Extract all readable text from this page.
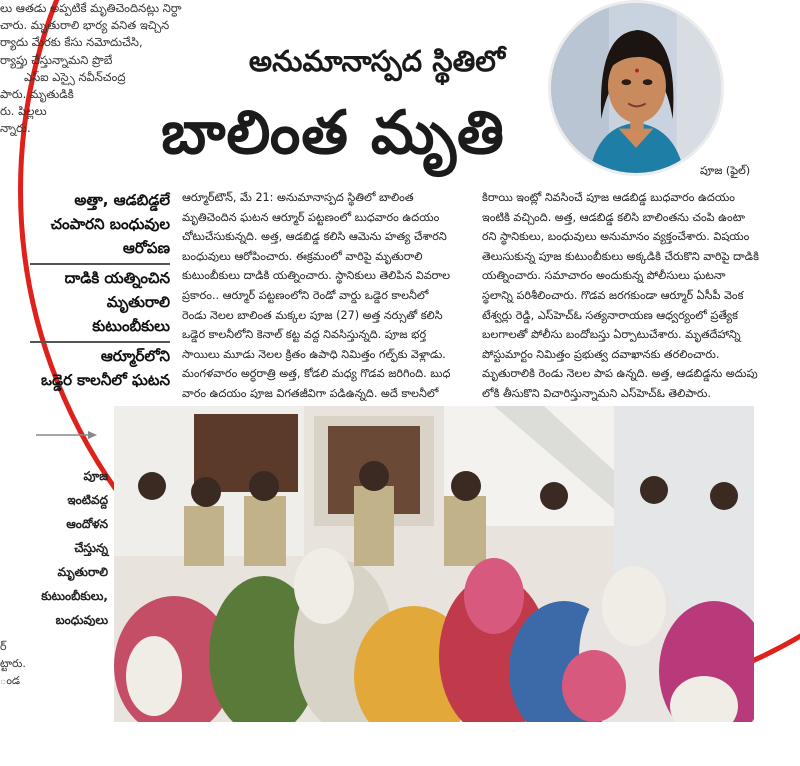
లు ఆతడు అప్పటికే మృతిచెందినట్లు నిర్ధా
చారు. మృతురాలి భార్య వనిత ఇచ్చిన
ర్యాదు మేరకు కేసు నమోదుచేసి,
ర్యాప్తు చేస్తున్నామని ప్రొబే
ఎస్ఐ ఎస్సై నవీన్‌చంద్ర
పారు. మృతుడికి
రు. పిల్లలు
న్నారు.
ర్
ట్టారు.
ండ
అనుమానాస్పద స్థితిలో
బాలింత మృతి
పూజ (ఫైల్)
అత్తా, ఆడబిడ్డలే
చంపారని బంధువుల
ఆరోపణ
దాడికి యత్నించిన
మృతురాలి
కుటుంబీకులు
ఆర్మూర్‌లోని
ఒడ్డెర కాలనీలో ఘటన
ఆర్మూర్‌టౌన్, మే 21: అనుమానాస్పద స్థితిలో బాలింత
మృతిచెందిన ఘటన ఆర్మూర్ పట్టణంలో బుధవారం ఉదయం
చోటుచేసుకున్నది. అత్త, ఆడబిడ్డ కలిసి ఆమెను హత్య చేశారని
బంధువులు ఆరోపించారు. ఈక్రమంలో వారిపై మృతురాలి
కుటుంబీకులు దాడికి యత్నించారు. స్థానికులు తెలిపిన వివరాల
ప్రకారం.. ఆర్మూర్ పట్టణంలోని రెండో వార్డు ఒడ్డెర కాలనీలో
రెండు నెలల బాలింత మక్కల పూజ (27) అత్త నర్సుతో కలిసి
ఒడ్డెర కాలనీలోని కెనాల్ కట్ట వద్ద నివసిస్తున్నది. పూజ భర్త
సాయిలు మూడు నెలల క్రితం ఉపాధి నిమిత్తం గల్ఫ్‌కు వెళ్లాడు.
మంగళవారం అర్ధరాత్రి అత్త, కోడలి మధ్య గొడవ జరిగింది. బుధ
వారం ఉదయం పూజ విగతజీవిగా పడిఉన్నది. అదే కాలనీలో
కిరాయి ఇంట్లో నివసించే పూజ ఆడబిడ్డ బుధవారం ఉదయం
ఇంటికి వచ్చింది. అత్త, ఆడబిడ్డ కలిసి బాలింతను చంపి ఉంటా
రని స్థానికులు, బంధువులు అనుమానం వ్యక్తంచేశారు. విషయం
తెలుసుకున్న పూజ కుటుంబీకులు అక్కడికి చేరుకొని వారిపై దాడికి
యత్నించారు. సమాచారం అందుకున్న పోలీసులు ఘటనా
స్థలాన్ని పరిశీలించారు. గొడవ జరగకుండా ఆర్మూర్ ఏసీపీ వెంక
టేశ్వర్లు రెడ్డి, ఎస్‌హెచ్‌ఓ సత్యనారాయణ ఆధ్వర్యంలో ప్రత్యేక
బలగాలతో పోలీసు బందోబస్తు ఏర్పాటుచేశారు. మృతదేహాన్ని
పోస్టుమార్టం నిమిత్తం ప్రభుత్వ దవాఖానకు తరలించారు.
మృతురాలికి రెండు నెలల పాప ఉన్నది. అత్త, ఆడబిడ్డను అదుపు
లోకి తీసుకొని విచారిస్తున్నామని ఎస్‌హెచ్‌ఓ తెలిపారు.
పూజ
ఇంటివద్ద
ఆందోళన
చేస్తున్న
మృతురాలి
కుటుంబీకులు,
బంధువులు
